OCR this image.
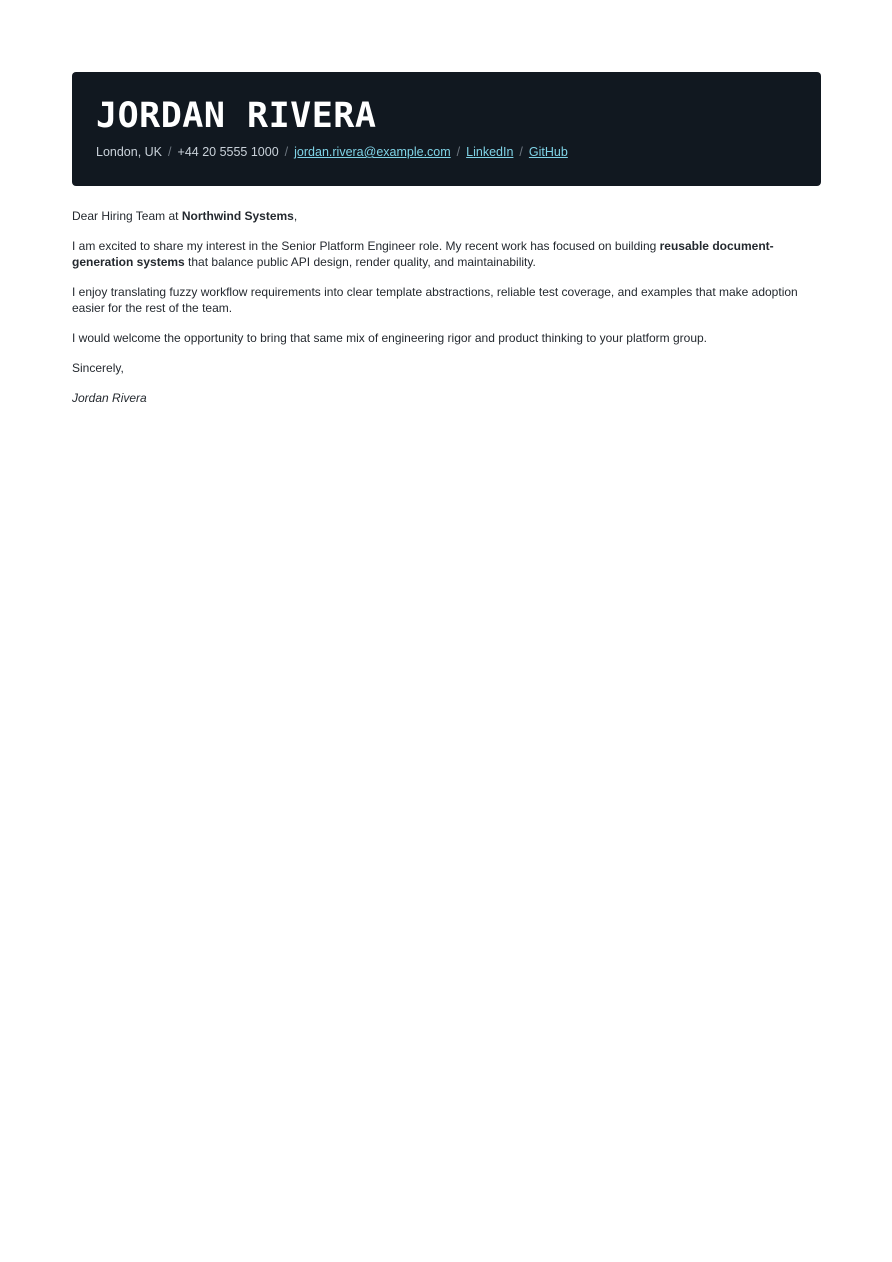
JORDAN RIVERA
London, UK / +44 20 5555 1000 / jordan.rivera@example.com / LinkedIn / GitHub

Dear Hiring Team at Northwind Systems,

I am excited to share my interest in the Senior Platform Engineer role. My recent work has focused on building reusable document-generation systems that balance public API design, render quality, and maintainability.

I enjoy translating fuzzy workflow requirements into clear template abstractions, reliable test coverage, and examples that make adoption easier for the rest of the team.

I would welcome the opportunity to bring that same mix of engineering rigor and product thinking to your platform group.

Sincerely,

Jordan Rivera
